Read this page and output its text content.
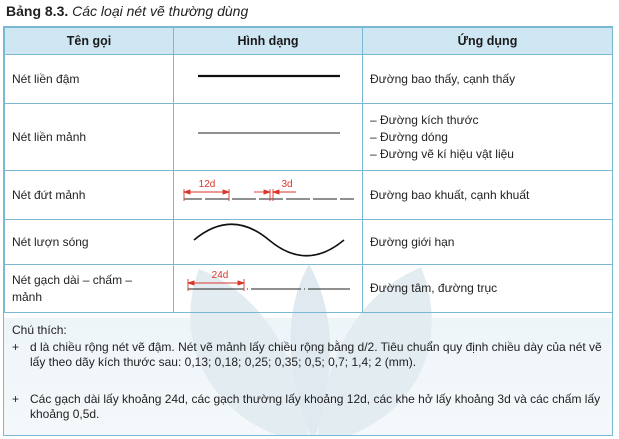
Bảng 8.3. Các loại nét vẽ thường dùng
Tên gọi	Hình dạng	Ứng dụng
Nét liền đậm		Đường bao thấy, cạnh thấy

Nét liền mảnh		– Đường kích thước
– Đường dóng
– Đường vẽ kí hiệu vật liệu

Nét đứt mảnh	12d 3d	Đường bao khuất, cạnh khuất

Nét lượn sóng		Đường giới hạn

Nét gạch dài – chấm –
mảnh	24d	Đường tâm, đường trục
Chú thích:
+ d là chiều rộng nét vẽ đậm. Nét vẽ mảnh lấy chiều rộng bằng d/2. Tiêu chuẩn quy định chiều dày của nét vẽ lấy theo dãy kích thước sau: 0,13; 0,18; 0,25; 0,35; 0,5; 0,7; 1,4; 2 (mm).
+ Các gạch dài lấy khoảng 24d, các gạch thường lấy khoảng 12d, các khe hở lấy khoảng 3d và các chấm lấy khoảng 0,5d.
